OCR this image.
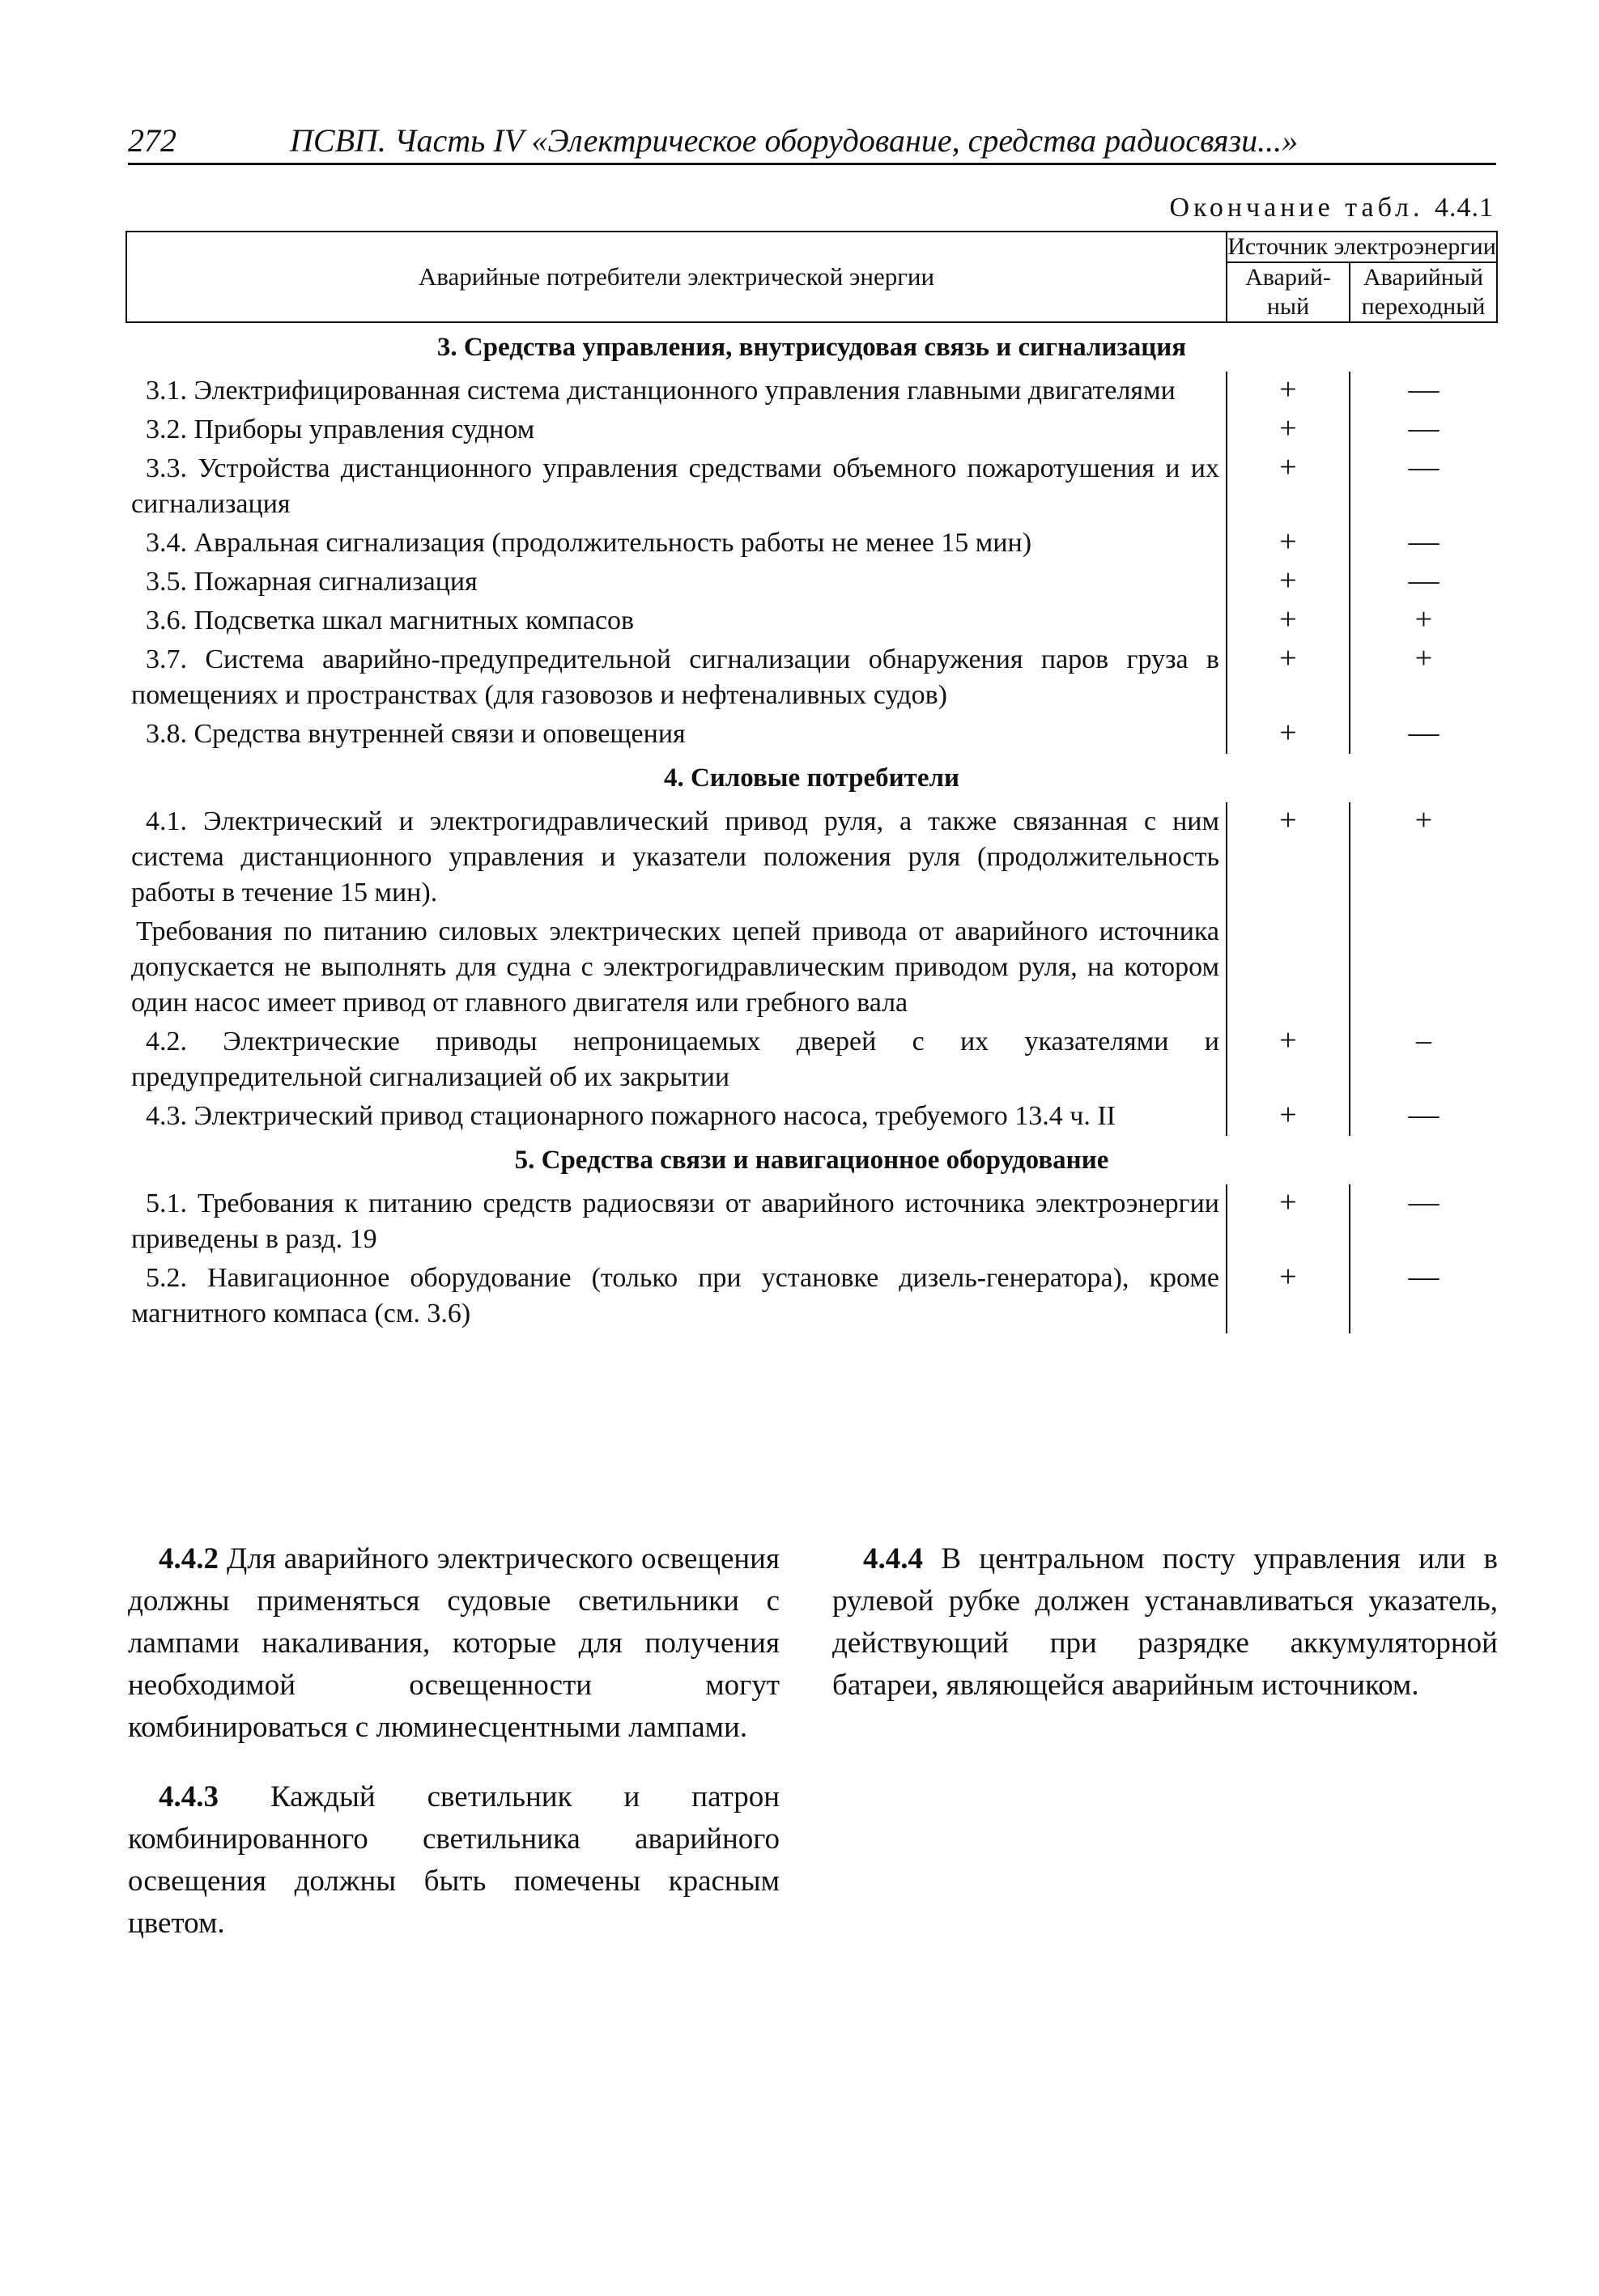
272	ПСВП. Часть IV «Электрическое оборудование, средства радиосвязи...»
Окончание табл. 4.4.1
Аварийные потребители электрической энергии	Источник электроэнергии	
	Аварий-ный	Аварийный переходный
3. Средства управления, внутрисудовая связь и сигнализация		
3.1. Электрифицированная система дистанционного управления главными двигателями	+	—
3.2. Приборы управления судном	+	—
3.3. Устройства дистанционного управления средствами объемного пожаротушения и их сигнализация	+	—
3.4. Авральная сигнализация (продолжительность работы не менее 15 мин)	+	—
3.5. Пожарная сигнализация	+	—
3.6. Подсветка шкал магнитных компасов	+	+
3.7. Система аварийно-предупредительной сигнализации обнаружения паров груза в помещениях и пространствах (для газовозов и нефтеналивных судов)	+	+
3.8. Средства внутренней связи и оповещения	+	—
4. Силовые потребители		
4.1. Электрический и электрогидравлический привод руля, а также связанная с ним система дистанционного управления и указатели положения руля (продолжительность работы в течение 15 мин).	+	+
Требования по питанию силовых электрических цепей привода от аварийного источника допускается не выполнять для судна с электрогидравлическим приводом руля, на котором один насос имеет привод от главного двигателя или гребного вала		
4.2. Электрические приводы непроницаемых дверей с их указателями и предупредительной сигнализацией об их закрытии	+	–
4.3. Электрический привод стационарного пожарного насоса, требуемого 13.4 ч. II	+	—
5. Средства связи и навигационное оборудование		
5.1. Требования к питанию средств радиосвязи от аварийного источника электроэнергии приведены в разд. 19	+	—
5.2. Навигационное оборудование (только при установке дизель-генератора), кроме магнитного компаса (см. 3.6)	+	—

4.4.2 Для аварийного электрического освещения должны применяться судовые светильники с лампами накаливания, которые для получения необходимой освещенности могут комбинироваться с люминесцентными лампами.

4.4.3 Каждый светильник и патрон комбинированного светильника аварийного освещения должны быть помечены красным цветом.

4.4.4 В центральном посту управления или в рулевой рубке должен устанавливаться указатель, действующий при разрядке аккумуляторной батареи, являющейся аварийным источником.
